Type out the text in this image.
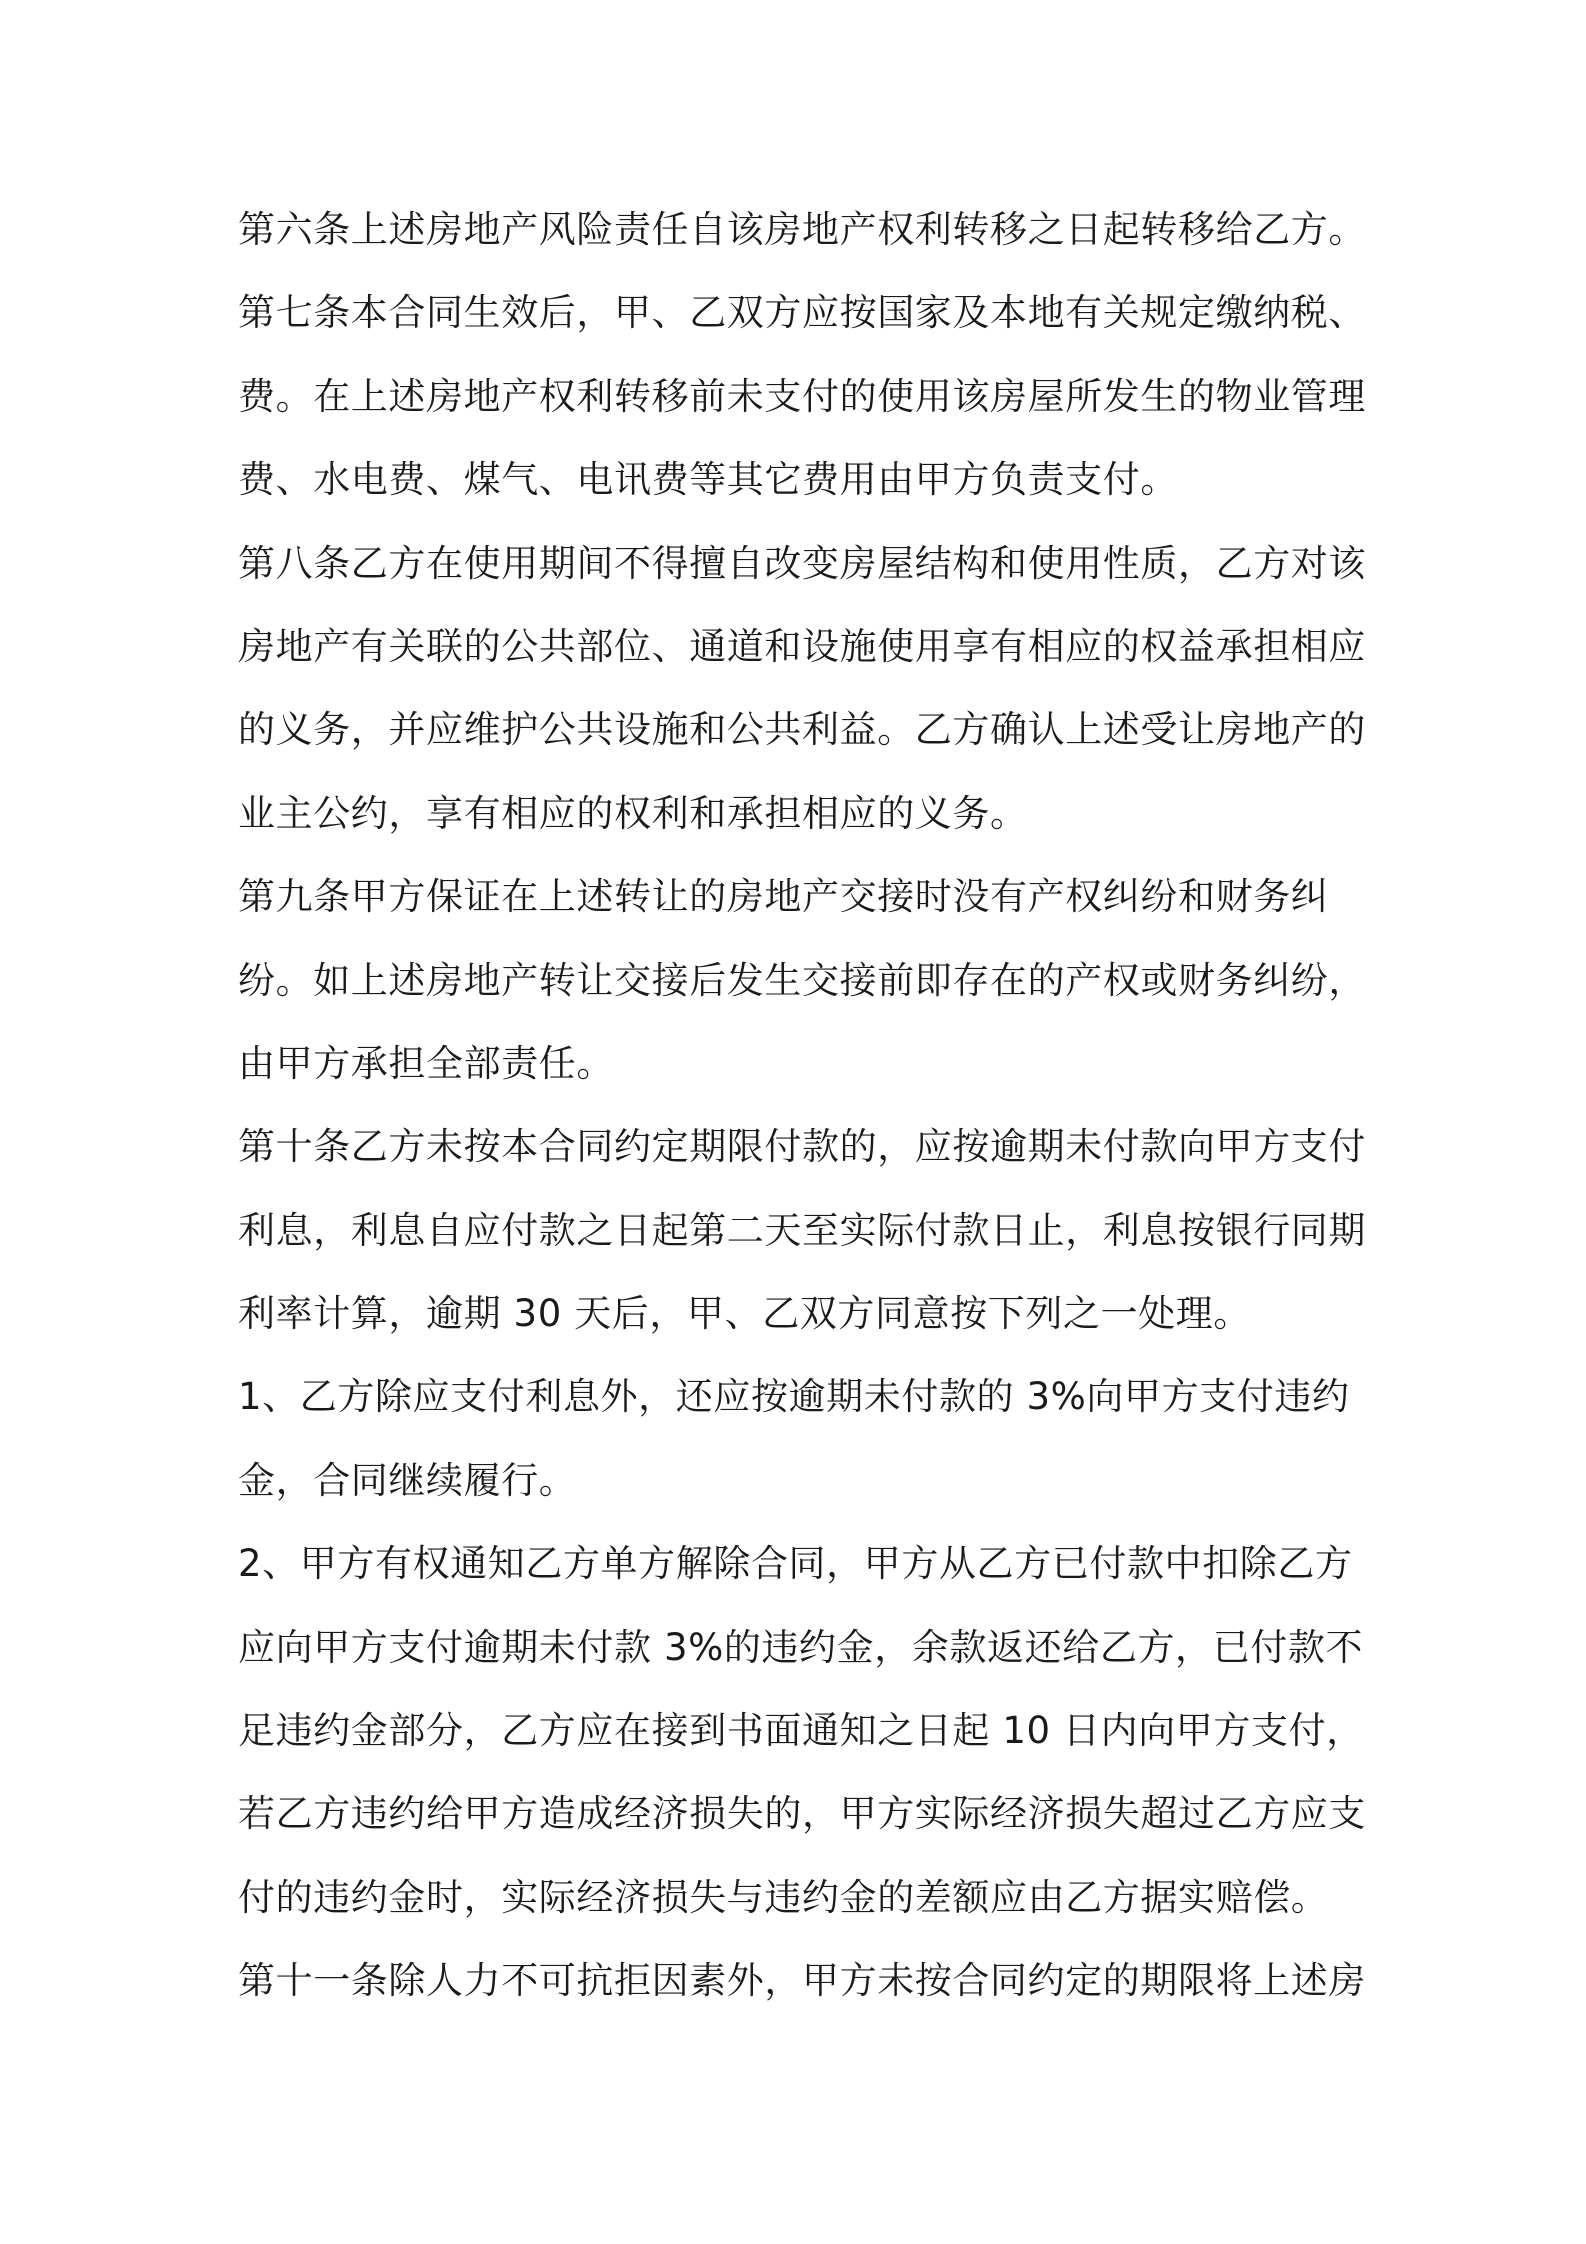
第六条上述房地产风险责任自该房地产权利转移之日起转移给乙方。
第七条本合同生效后，甲、乙双方应按国家及本地有关规定缴纳税、
费。在上述房地产权利转移前未支付的使用该房屋所发生的物业管理
费、水电费、煤气、电讯费等其它费用由甲方负责支付。
第八条乙方在使用期间不得擅自改变房屋结构和使用性质，乙方对该
房地产有关联的公共部位、通道和设施使用享有相应的权益承担相应
的义务，并应维护公共设施和公共利益。乙方确认上述受让房地产的
业主公约，享有相应的权利和承担相应的义务。
第九条甲方保证在上述转让的房地产交接时没有产权纠纷和财务纠
纷。如上述房地产转让交接后发生交接前即存在的产权或财务纠纷，
由甲方承担全部责任。
第十条乙方未按本合同约定期限付款的，应按逾期未付款向甲方支付
利息，利息自应付款之日起第二天至实际付款日止，利息按银行同期
利率计算，逾期 30 天后，甲、乙双方同意按下列之一处理。
1、乙方除应支付利息外，还应按逾期未付款的 3%向甲方支付违约
金，合同继续履行。
2、甲方有权通知乙方单方解除合同，甲方从乙方已付款中扣除乙方
应向甲方支付逾期未付款 3%的违约金，余款返还给乙方，已付款不
足违约金部分，乙方应在接到书面通知之日起 10 日内向甲方支付，
若乙方违约给甲方造成经济损失的，甲方实际经济损失超过乙方应支
付的违约金时，实际经济损失与违约金的差额应由乙方据实赔偿。
第十一条除人力不可抗拒因素外，甲方未按合同约定的期限将上述房
